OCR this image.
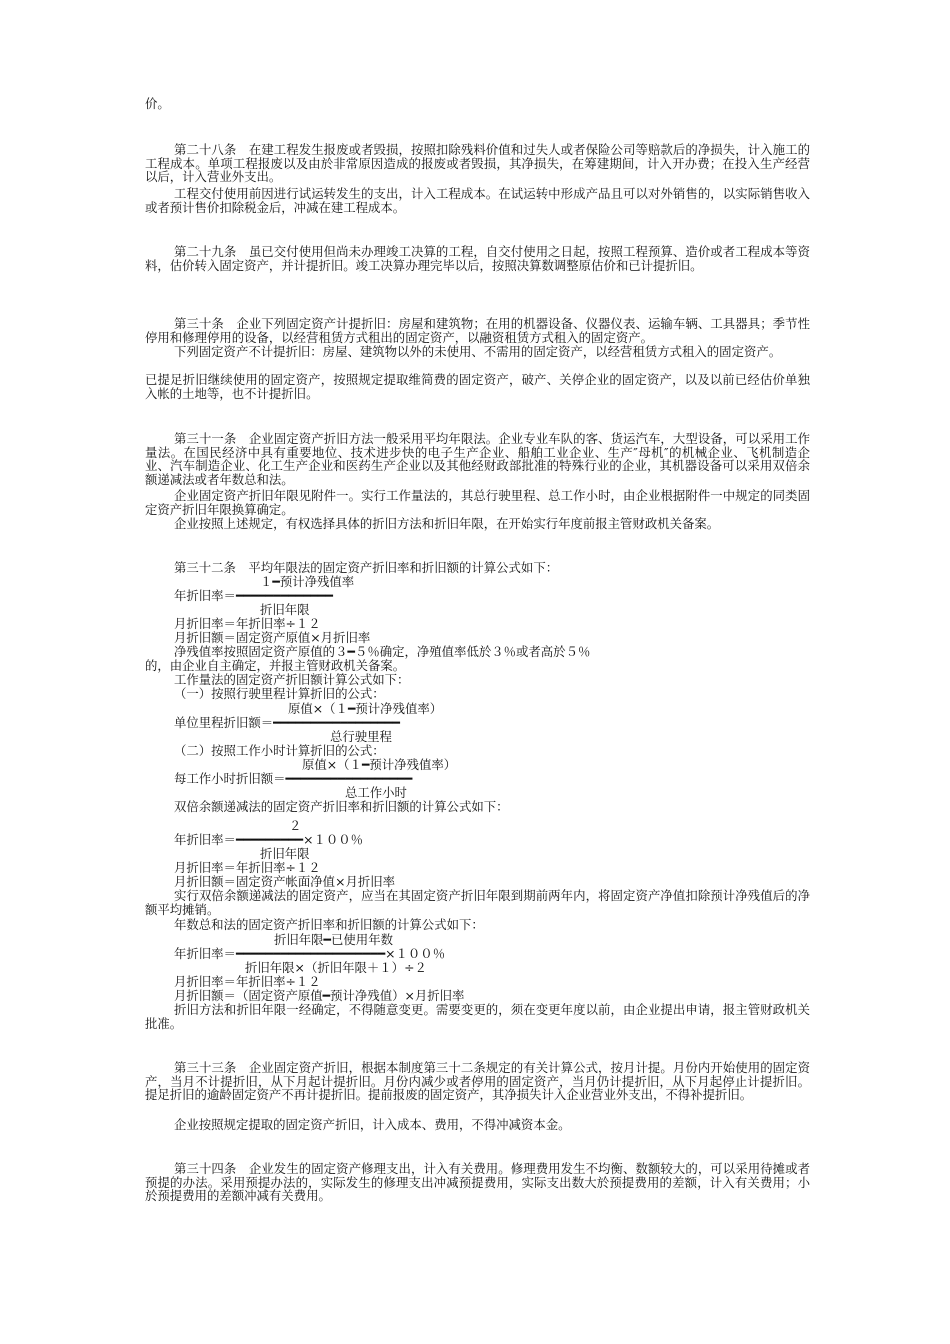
价。

第二十八条　在建工程发生报废或者毁损，按照扣除残料价值和过失人或者保险公司等赔款后的净损失，计入施工的工程成本。单项工程报废以及由於非常原因造成的报废或者毁损，其净损失，在筹建期间，计入开办费；在投入生产经营以后，计入营业外支出。

工程交付使用前因进行试运转发生的支出，计入工程成本。在试运转中形成产品且可以对外销售的，以实际销售收入或者预计售价扣除税金后，冲减在建工程成本。

第二十九条　虽已交付使用但尚未办理竣工决算的工程，自交付使用之日起，按照工程预算、造价或者工程成本等资料，估价转入固定资产，并计提折旧。竣工决算办理完毕以后，按照决算数调整原估价和已计提折旧。

第三十条　企业下列固定资产计提折旧：房屋和建筑物；在用的机器设备、仪器仪表、运输车辆、工具器具；季节性停用和修理停用的设备，以经营租赁方式租出的固定资产，以融资租赁方式租入的固定资产。

下列固定资产不计提折旧：房屋、建筑物以外的未使用、不需用的固定资产，以经营租赁方式租入的固定资产。

已提足折旧继续使用的固定资产，按照规定提取维简费的固定资产，破产、关停企业的固定资产，以及以前已经估价单独入帐的土地等，也不计提折旧。

第三十一条　企业固定资产折旧方法一般采用平均年限法。企业专业车队的客、货运汽车，大型设备，可以采用工作量法。在国民经济中具有重要地位、技术进步快的电子生产企业、船舶工业企业、生产″母机″的机械企业、飞机制造企业、汽车制造企业、化工生产企业和医药生产企业以及其他经财政部批准的特殊行业的企业，其机器设备可以采用双倍余额递减法或者年数总和法。

企业固定资产折旧年限见附件一。实行工作量法的，其总行驶里程、总工作小时，由企业根据附件一中规定的同类固定资产折旧年限换算确定。

企业按照上述规定，有权选择具体的折旧方法和折旧年限，在开始实行年度前报主管财政机关备案。

第三十二条　平均年限法的固定资产折旧率和折旧额的计算公式如下：

１━预计净残值率

年折旧率＝━━━━━━━━━━━━━

折旧年限

月折旧率＝年折旧率÷１２

月折旧额＝固定资产原值×月折旧率

净残值率按照固定资产原值的３━５％确定，净殖值率低於３％或者高於５％

的，由企业自主确定，并报主管财政机关备案。

工作量法的固定资产折旧额计算公式如下：

（一）按照行驶里程计算折旧的公式：

原值×（１━预计净残值率）

单位里程折旧额＝━━━━━━━━━━━━━━━━━

总行驶里程

（二）按照工作小时计算折旧的公式：

原值×（１━预计净残值率）

每工作小时折旧额＝━━━━━━━━━━━━━━━━━

总工作小时

双倍余额递减法的固定资产折旧率和折旧额的计算公式如下：

２

年折旧率＝━━━━━━━━━×１００％

折旧年限

月折旧率＝年折旧率÷１２

月折旧额＝固定资产帐面净值×月折旧率

实行双倍余额递减法的固定资产，应当在其固定资产折旧年限到期前两年内，将固定资产净值扣除预计净残值后的净额平均摊销。

年数总和法的固定资产折旧率和折旧额的计算公式如下：

折旧年限━已使用年数

年折旧率＝━━━━━━━━━━━━━━━━━━━━×１００％

折旧年限×（折旧年限＋１）÷２

月折旧率＝年折旧率÷１２

月折旧额＝（固定资产原值━预计净残值）×月折旧率

折旧方法和折旧年限一经确定，不得随意变更。需要变更的，须在变更年度以前，由企业提出申请，报主管财政机关批准。

第三十三条　企业固定资产折旧，根据本制度第三十二条规定的有关计算公式，按月计提。月份内开始使用的固定资产，当月不计提折旧，从下月起计提折旧。月份内减少或者停用的固定资产，当月仍计提折旧，从下月起停止计提折旧。提足折旧的逾龄固定资产不再计提折旧。提前报废的固定资产，其净损失计入企业营业外支出，不得补提折旧。

企业按照规定提取的固定资产折旧，计入成本、费用，不得冲减资本金。

第三十四条　企业发生的固定资产修理支出，计入有关费用。修理费用发生不均衡、数额较大的，可以采用待摊或者预提的办法。采用预提办法的，实际发生的修理支出冲减预提费用，实际支出数大於预提费用的差额，计入有关费用；小於预提费用的差额冲减有关费用。
